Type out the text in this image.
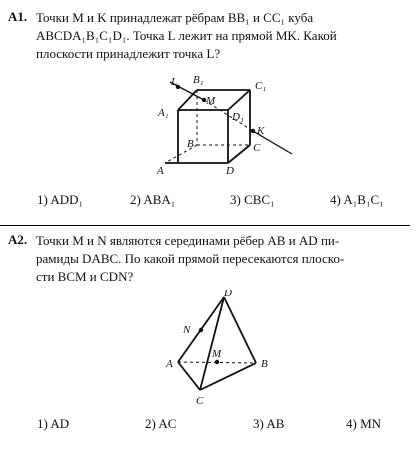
A1. Точки M и K принадлежат рёбрам BB₁ и CC₁ куба
ABCDA₁B₁C₁D₁. Точка L лежит на прямой MK. Какой
плоскости принадлежит точка L?
L B₁
M
C₁
A₁	D₁
K
B	C
A	D
1) ADD₁	2) ABA₁	3) CBC₁	4) A₁B₁C₁
A2. Точки M и N являются серединами рёбер AB и AD пи-
рамиды DABC. По какой прямой пересекаются плоско-
сти BCM и CDN?
D
N
A
M
B
C
1) AD	2) AC	3) AB	4) MN
